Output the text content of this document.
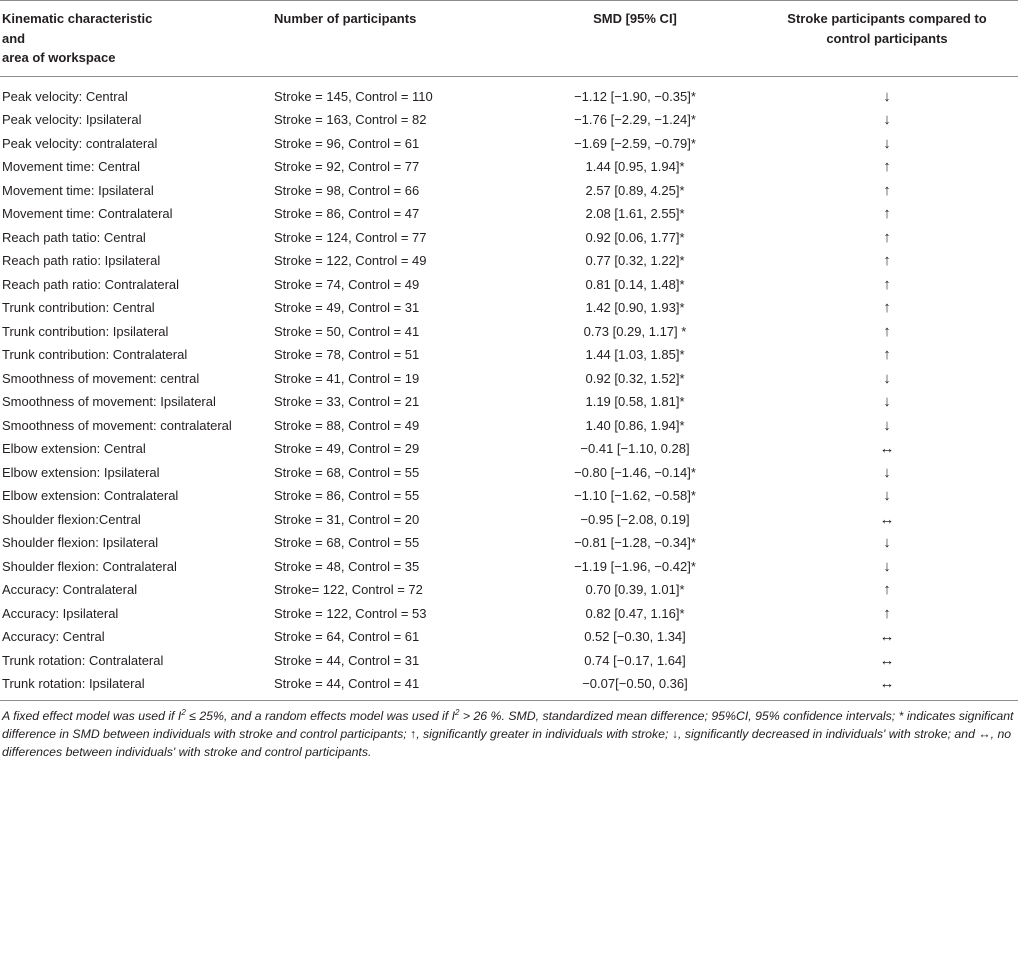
Kinematic characteristic
and
area of workspace	Number of participants	SMD [95% CI]	Stroke participants compared to
control participants
Peak velocity: Central	Stroke = 145, Control = 110	−1.12 [−1.90, −0.35]*	↓
Peak velocity: Ipsilateral	Stroke = 163, Control = 82	−1.76 [−2.29, −1.24]*	↓
Peak velocity: contralateral	Stroke = 96, Control = 61	−1.69 [−2.59, −0.79]*	↓
Movement time: Central	Stroke = 92, Control = 77	1.44 [0.95, 1.94]*	↑
Movement time: Ipsilateral	Stroke = 98, Control = 66	2.57 [0.89, 4.25]*	↑
Movement time: Contralateral	Stroke = 86, Control = 47	2.08 [1.61, 2.55]*	↑
Reach path tatio: Central	Stroke = 124, Control = 77	0.92 [0.06, 1.77]*	↑
Reach path ratio: Ipsilateral	Stroke = 122, Control = 49	0.77 [0.32, 1.22]*	↑
Reach path ratio: Contralateral	Stroke = 74, Control = 49	0.81 [0.14, 1.48]*	↑
Trunk contribution: Central	Stroke = 49, Control = 31	1.42 [0.90, 1.93]*	↑
Trunk contribution: Ipsilateral	Stroke = 50, Control = 41	0.73 [0.29, 1.17] *	↑
Trunk contribution: Contralateral	Stroke = 78, Control = 51	1.44 [1.03, 1.85]*	↑
Smoothness of movement: central	Stroke = 41, Control = 19	0.92 [0.32, 1.52]*	↓
Smoothness of movement: Ipsilateral	Stroke = 33, Control = 21	1.19 [0.58, 1.81]*	↓
Smoothness of movement: contralateral	Stroke = 88, Control = 49	1.40 [0.86, 1.94]*	↓
Elbow extension: Central	Stroke = 49, Control = 29	−0.41 [−1.10, 0.28]	↔
Elbow extension: Ipsilateral	Stroke = 68, Control = 55	−0.80 [−1.46, −0.14]*	↓
Elbow extension: Contralateral	Stroke = 86, Control = 55	−1.10 [−1.62, −0.58]*	↓
Shoulder flexion:Central	Stroke = 31, Control = 20	−0.95 [−2.08, 0.19]	↔
Shoulder flexion: Ipsilateral	Stroke = 68, Control = 55	−0.81 [−1.28, −0.34]*	↓
Shoulder flexion: Contralateral	Stroke = 48, Control = 35	−1.19 [−1.96, −0.42]*	↓
Accuracy: Contralateral	Stroke= 122, Control = 72	0.70 [0.39, 1.01]*	↑
Accuracy: Ipsilateral	Stroke = 122, Control = 53	0.82 [0.47, 1.16]*	↑
Accuracy: Central	Stroke = 64, Control = 61	0.52 [−0.30, 1.34]	↔
Trunk rotation: Contralateral	Stroke = 44, Control = 31	0.74 [−0.17, 1.64]	↔
Trunk rotation: Ipsilateral	Stroke = 44, Control = 41	−0.07[−0.50, 0.36]	↔
A fixed effect model was used if $I^2 \le 25\%$, and a random effects model was used if $I^2 > 26$ %. SMD, standardized mean difference; 95%CI, 95% confidence intervals; * indicates significant difference in SMD between individuals with stroke and control participants; ↑, significantly greater in individuals with stroke; ↓, significantly decreased in individuals' with stroke; and ↔, no differences between individuals' with stroke and control participants.
